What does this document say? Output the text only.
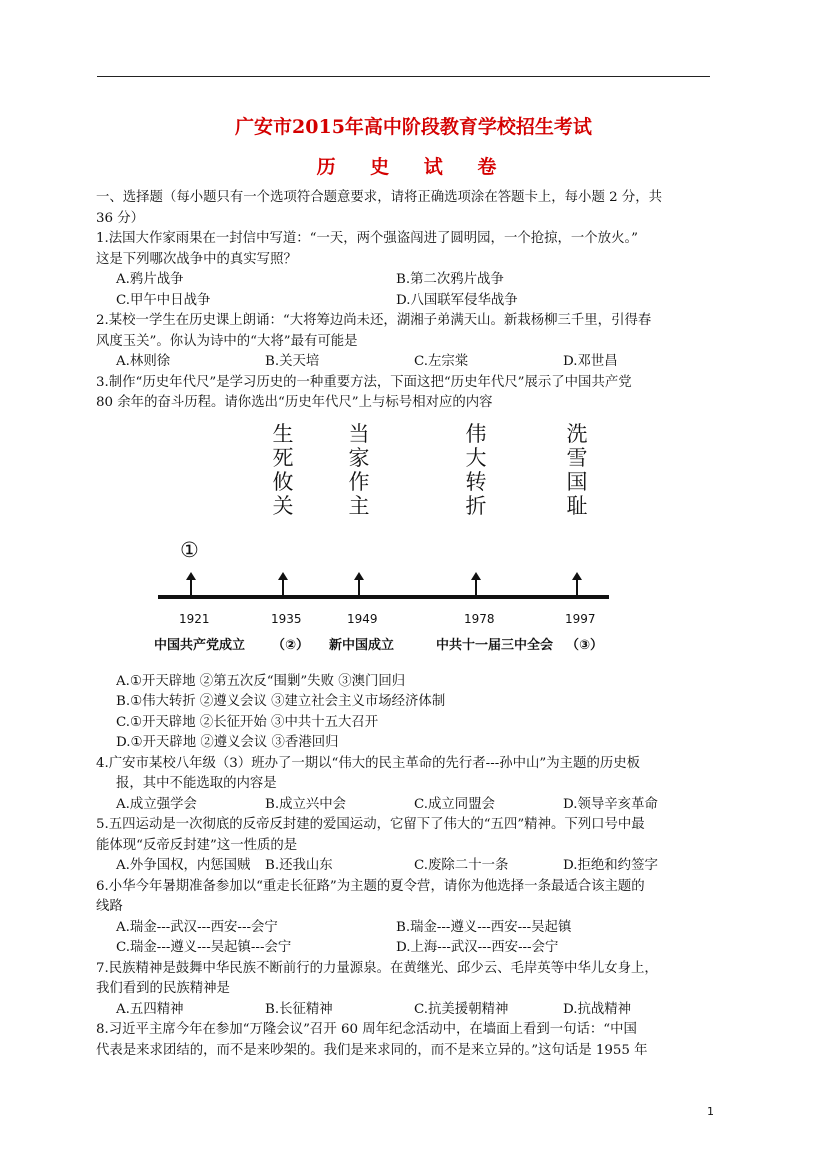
广安市2015年高中阶段教育学校招生考试
历 史 试 卷
一、选择题（每小题只有一个选项符合题意要求，请将正确选项涂在答题卡上，每小题 2 分，共
36 分）
1.法国大作家雨果在一封信中写道：“一天，两个强盗闯进了圆明园，一个抢掠，一个放火。”
这是下列哪次战争中的真实写照？
A.鸦片战争	B.第二次鸦片战争
C.甲午中日战争	D.八国联军侵华战争
2.某校一学生在历史课上朗诵：“大将筹边尚未还，湖湘子弟满天山。新栽杨柳三千里，引得春
风度玉关”。你认为诗中的“大将”最有可能是
A.林则徐	B.关天培	C.左宗棠	D.邓世昌
3.制作“历史年代尺”是学习历史的一种重要方法，下面这把“历史年代尺”展示了中国共产党
80 余年的奋斗历程。请你选出“历史年代尺”上与标号相对应的内容
①
生
死
攸
关
当
家
作
主
伟
大
转
折
洗
雪
国
耻
1921	1935	1949	1978	1997
中国共产党成立 （②） 新中国成立	中共十一届三中全会 （③）
A.①开天辟地 ②第五次反“围剿”失败 ③澳门回归
B.①伟大转折 ②遵义会议 ③建立社会主义市场经济体制
C.①开天辟地 ②长征开始 ③中共十五大召开
D.①开天辟地 ②遵义会议 ③香港回归
4.广安市某校八年级（3）班办了一期以“伟大的民主革命的先行者---孙中山”为主题的历史板
报，其中不能选取的内容是
A.成立强学会	B.成立兴中会	C.成立同盟会	D.领导辛亥革命
5.五四运动是一次彻底的反帝反封建的爱国运动，它留下了伟大的“五四”精神。下列口号中最
能体现“反帝反封建”这一性质的是
A.外争国权，内惩国贼	B.还我山东	C.废除二十一条	D.拒绝和约签字
6.小华今年暑期准备参加以“重走长征路”为主题的夏令营，请你为他选择一条最适合该主题的
线路
A.瑞金---武汉---西安---会宁	B.瑞金---遵义---西安---吴起镇
C.瑞金---遵义---吴起镇---会宁	D.上海---武汉---西安---会宁
7.民族精神是鼓舞中华民族不断前行的力量源泉。在黄继光、邱少云、毛岸英等中华儿女身上，
我们看到的民族精神是
A.五四精神	B.长征精神	C.抗美援朝精神	D.抗战精神
8.习近平主席今年在参加“万隆会议”召开 60 周年纪念活动中，在墙面上看到一句话：“中国
代表是来求团结的，而不是来吵架的。我们是来求同的，而不是来立异的。”这句话是 1955 年
1
